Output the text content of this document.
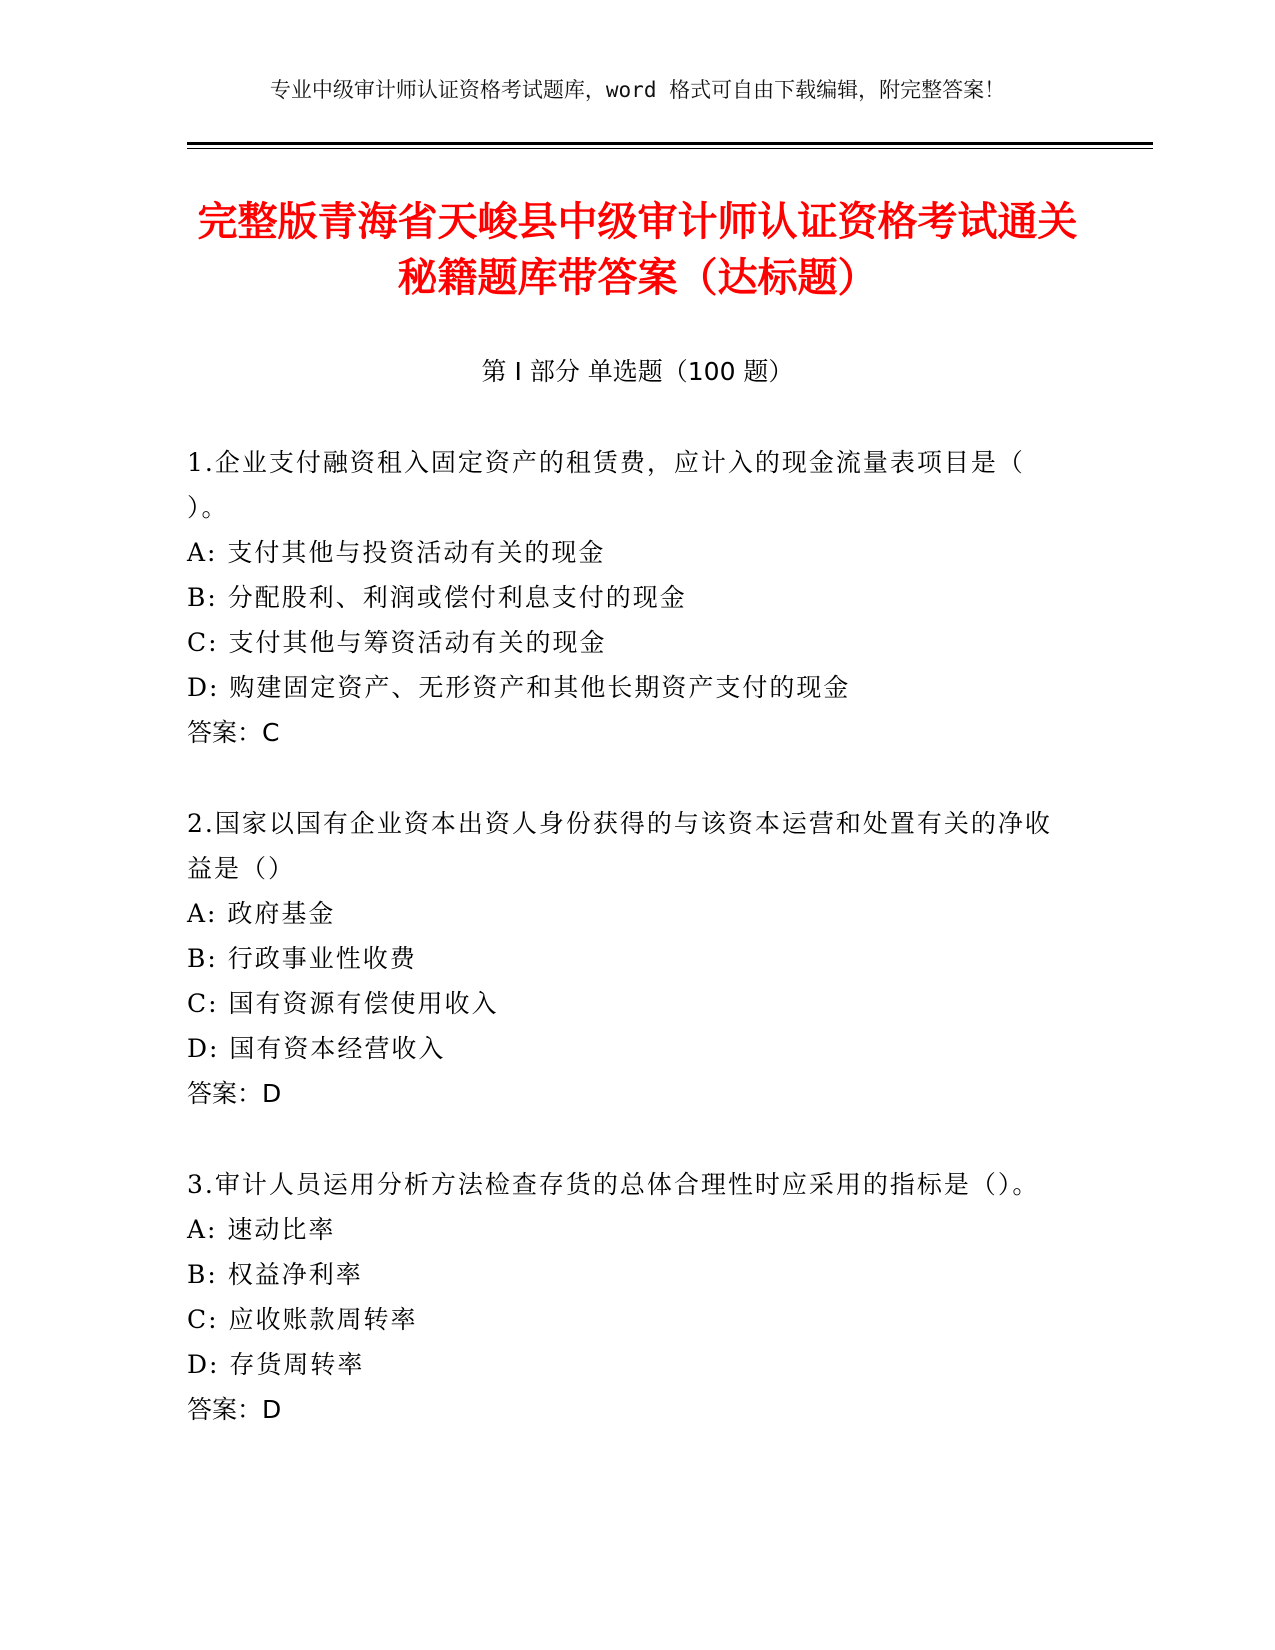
专业中级审计师认证资格考试题库，word 格式可自由下载编辑，附完整答案！
完整版青海省天峻县中级审计师认证资格考试通关秘籍题库带答案（达标题）
第 I 部分 单选题（100 题）

1.企业支付融资租入固定资产的租赁费，应计入的现金流量表项目是（ ）。

A: 支付其他与投资活动有关的现金

B: 分配股利、利润或偿付利息支付的现金

C: 支付其他与筹资活动有关的现金

D: 购建固定资产、无形资产和其他长期资产支付的现金

答案：C

2.国家以国有企业资本出资人身份获得的与该资本运营和处置有关的净收益是（）

A: 政府基金

B: 行政事业性收费

C: 国有资源有偿使用收入

D: 国有资本经营收入

答案：D

3.审计人员运用分析方法检查存货的总体合理性时应采用的指标是（）。

A: 速动比率

B: 权益净利率

C: 应收账款周转率

D: 存货周转率

答案：D
